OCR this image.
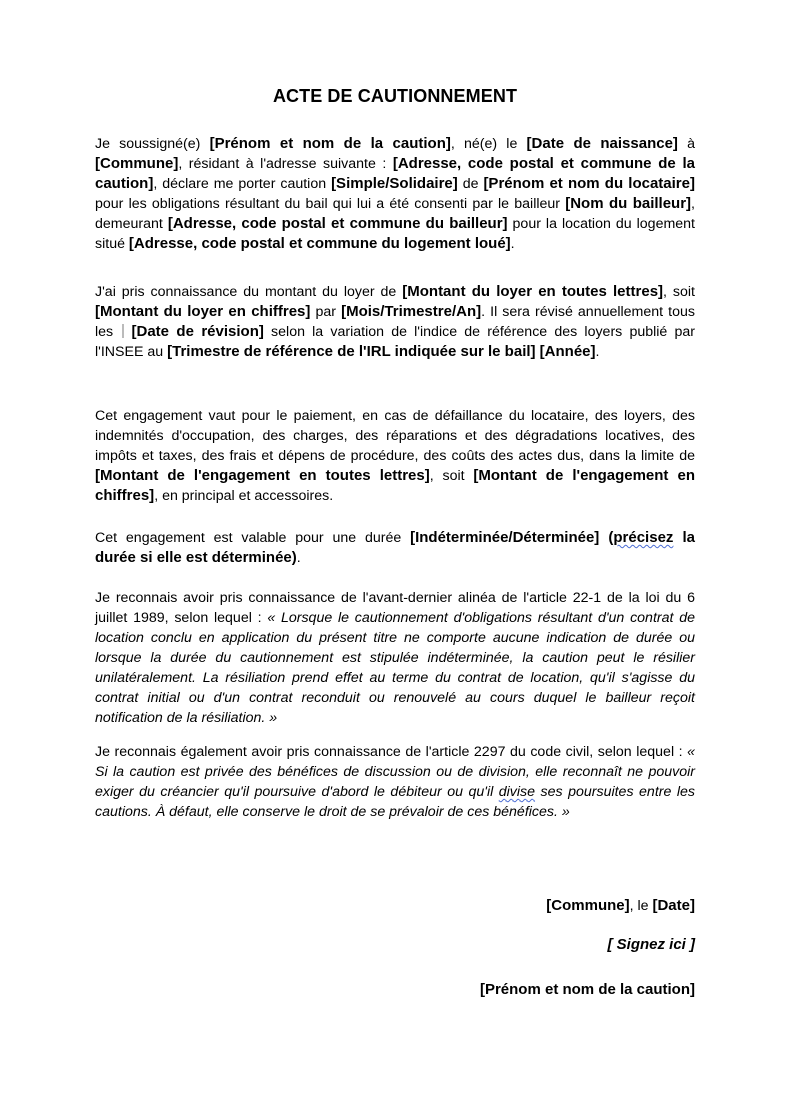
ACTE DE CAUTIONNEMENT

Je soussigné(e) [Prénom et nom de la caution], né(e) le [Date de naissance] à [Commune], résidant à l'adresse suivante : [Adresse, code postal et commune de la caution], déclare me porter caution [Simple/Solidaire] de [Prénom et nom du locataire] pour les obligations résultant du bail qui lui a été consenti par le bailleur [Nom du bailleur], demeurant [Adresse, code postal et commune du bailleur] pour la location du logement situé [Adresse, code postal et commune du logement loué].

J'ai pris connaissance du montant du loyer de [Montant du loyer en toutes lettres], soit [Montant du loyer en chiffres] par [Mois/Trimestre/An]. Il sera révisé annuellement tous les  [Date de révision] selon la variation de l'indice de référence des loyers publié par l'INSEE au [Trimestre de référence de l'IRL indiquée sur le bail] [Année].

Cet engagement vaut pour le paiement, en cas de défaillance du locataire, des loyers, des indemnités d'occupation, des charges, des réparations et des dégradations locatives, des impôts et taxes, des frais et dépens de procédure, des coûts des actes dus, dans la limite de [Montant de l'engagement en toutes lettres], soit [Montant de l'engagement en chiffres], en principal et accessoires.

Cet engagement est valable pour une durée [Indéterminée/Déterminée] (précisez la durée si elle est déterminée).

Je reconnais avoir pris connaissance de l'avant-dernier alinéa de l'article 22-1 de la loi du 6 juillet 1989, selon lequel : « Lorsque le cautionnement d'obligations résultant d'un contrat de location conclu en application du présent titre ne comporte aucune indication de durée ou lorsque la durée du cautionnement est stipulée indéterminée, la caution peut le résilier unilatéralement. La résiliation prend effet au terme du contrat de location, qu'il s'agisse du contrat initial ou d'un contrat reconduit ou renouvelé au cours duquel le bailleur reçoit notification de la résiliation. »

Je reconnais également avoir pris connaissance de l'article 2297 du code civil, selon lequel : « Si la caution est privée des bénéfices de discussion ou de division, elle reconnaît ne pouvoir exiger du créancier qu'il poursuive d'abord le débiteur ou qu'il divise ses poursuites entre les cautions. À défaut, elle conserve le droit de se prévaloir de ces bénéfices. »

[Commune], le [Date]

[ Signez ici ]

[Prénom et nom de la caution]
